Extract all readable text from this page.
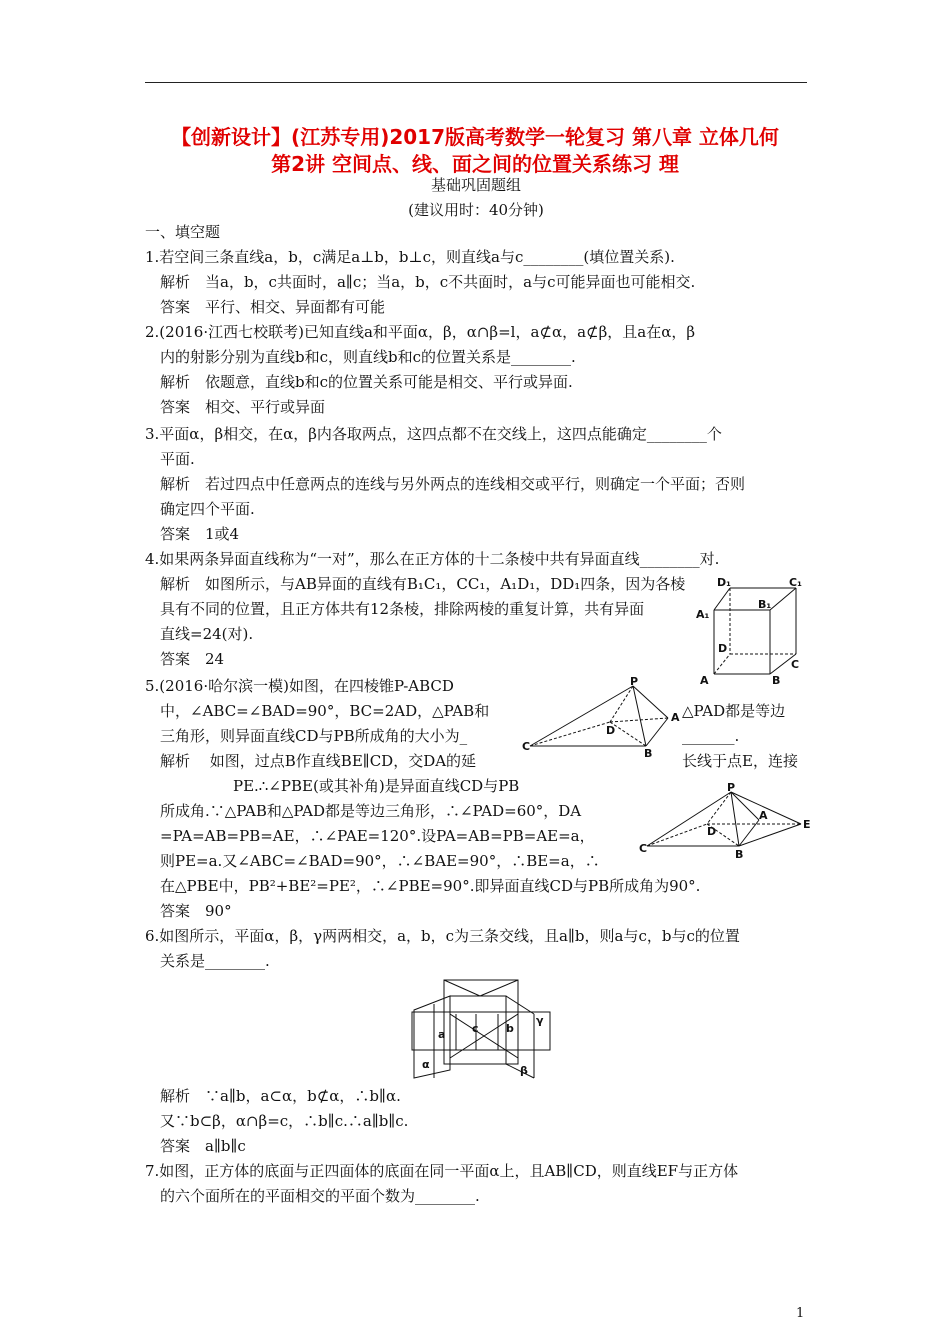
【创新设计】(江苏专用)2017版高考数学一轮复习 第八章 立体几何
第2讲 空间点、线、面之间的位置关系练习 理
基础巩固题组
(建议用时：40分钟)
一、填空题
1.若空间三条直线a，b，c满足a⊥b，b⊥c，则直线a与c________(填位置关系).
解析　当a，b，c共面时，a∥c；当a，b，c不共面时，a与c可能异面也可能相交.
答案　平行、相交、异面都有可能
2.(2016·江西七校联考)已知直线a和平面α，β，α∩β=l，a⊄α，a⊄β，且a在α，β
内的射影分别为直线b和c，则直线b和c的位置关系是________.
解析　依题意，直线b和c的位置关系可能是相交、平行或异面.
答案　相交、平行或异面
3.平面α，β相交，在α，β内各取两点，这四点都不在交线上，这四点能确定________个
平面.
解析　若过四点中任意两点的连线与另外两点的连线相交或平行，则确定一个平面；否则
确定四个平面.
答案　1或4
4.如果两条异面直线称为“一对”，那么在正方体的十二条棱中共有异面直线________对.
解析　如图所示，与AB异面的直线有B₁C₁，CC₁，A₁D₁，DD₁四条，因为各棱
具有不同的位置，且正方体共有12条棱，排除两棱的重复计算，共有异面
直线=24(对).
答案　24
D₁	C₁
A₁
B₁
D
C
A	B
5.(2016·哈尔滨一模)如图，在四棱锥P-ABCD
中，∠ABC=∠BAD=90°，BC=2AD，△PAB和	△PAD都是等边
三角形，则异面直线CD与PB所成角的大小为_	_______.
解析　 如图，过点B作直线BE∥CD，交DA的延	长线于点E，连接
PE.∴∠PBE(或其补角)是异面直线CD与PB
所成角.∵△PAB和△PAD都是等边三角形，∴∠PAD=60°，DA
=PA=AB=PB=AE，∴∠PAE=120°.设PA=AB=PB=AE=a，
则PE=a.又∠ABC=∠BAD=90°，∴∠BAE=90°，∴BE=a，∴
在△PBE中，PB²+BE²=PE²，∴∠PBE=90°.即异面直线CD与PB所成角为90°.
答案　90°
P
A
D
C
B
P
A
D
E
C	B
6.如图所示，平面α，β，γ两两相交，a，b，c为三条交线，且a∥b，则a与c，b与c的位置
关系是________.
a c b
γ
α	β
解析　∵a∥b，a⊂α，b⊄α，∴b∥α.
又∵b⊂β，α∩β=c，∴b∥c.∴a∥b∥c.
答案　a∥b∥c
7.如图，正方体的底面与正四面体的底面在同一平面α上，且AB∥CD，则直线EF与正方体
的六个面所在的平面相交的平面个数为________.
1
